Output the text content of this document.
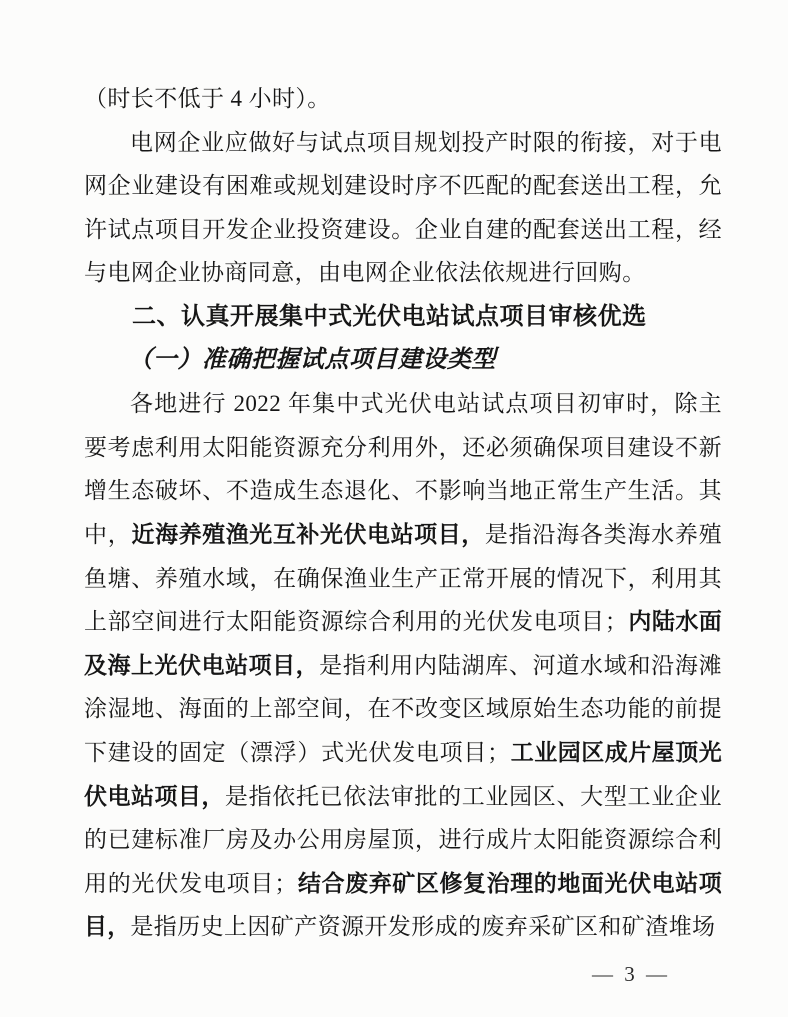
（时长不低于 4 小时）。

电网企业应做好与试点项目规划投产时限的衔接，对于电网企业建设有困难或规划建设时序不匹配的配套送出工程，允许试点项目开发企业投资建设。企业自建的配套送出工程，经与电网企业协商同意，由电网企业依法依规进行回购。

二、认真开展集中式光伏电站试点项目审核优选
（一）准确把握试点项目建设类型

各地进行 2022 年集中式光伏电站试点项目初审时，除主要考虑利用太阳能资源充分利用外，还必须确保项目建设不新增生态破坏、不造成生态退化、不影响当地正常生产生活。其中，近海养殖渔光互补光伏电站项目，是指沿海各类海水养殖鱼塘、养殖水域，在确保渔业生产正常开展的情况下，利用其上部空间进行太阳能资源综合利用的光伏发电项目；内陆水面及海上光伏电站项目，是指利用内陆湖库、河道水域和沿海滩涂湿地、海面的上部空间，在不改变区域原始生态功能的前提下建设的固定（漂浮）式光伏发电项目；工业园区成片屋顶光伏电站项目，是指依托已依法审批的工业园区、大型工业企业的已建标准厂房及办公用房屋顶，进行成片太阳能资源综合利用的光伏发电项目；结合废弃矿区修复治理的地面光伏电站项目，是指历史上因矿产资源开发形成的废弃采矿区和矿渣堆场

— 3 —
